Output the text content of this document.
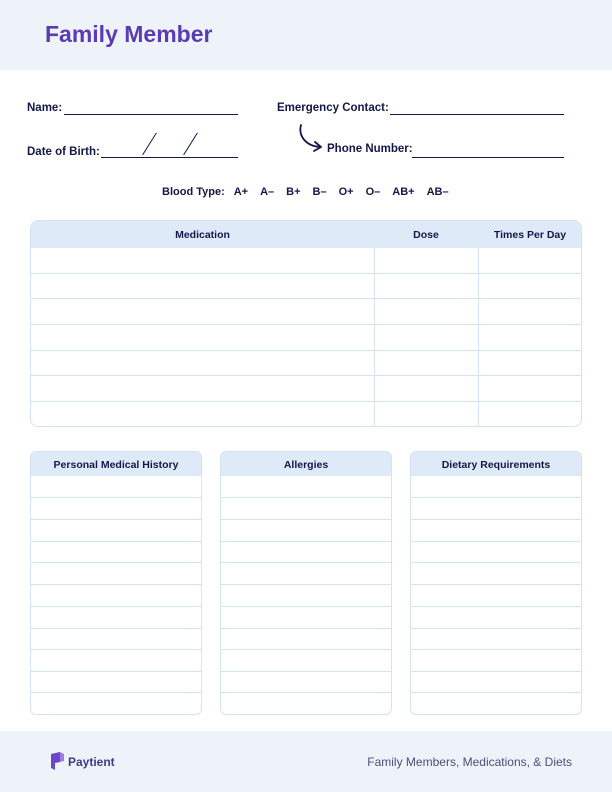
Family Member
Name:	Emergency Contact:
Date of Birth:	Phone Number:
Blood Type: A+ A– B+ B– O+ O– AB+ AB–
Medication	Dose	Times Per Day
Personal Medical History	Allergies	Dietary Requirements
Paytient	Family Members, Medications, & Diets
